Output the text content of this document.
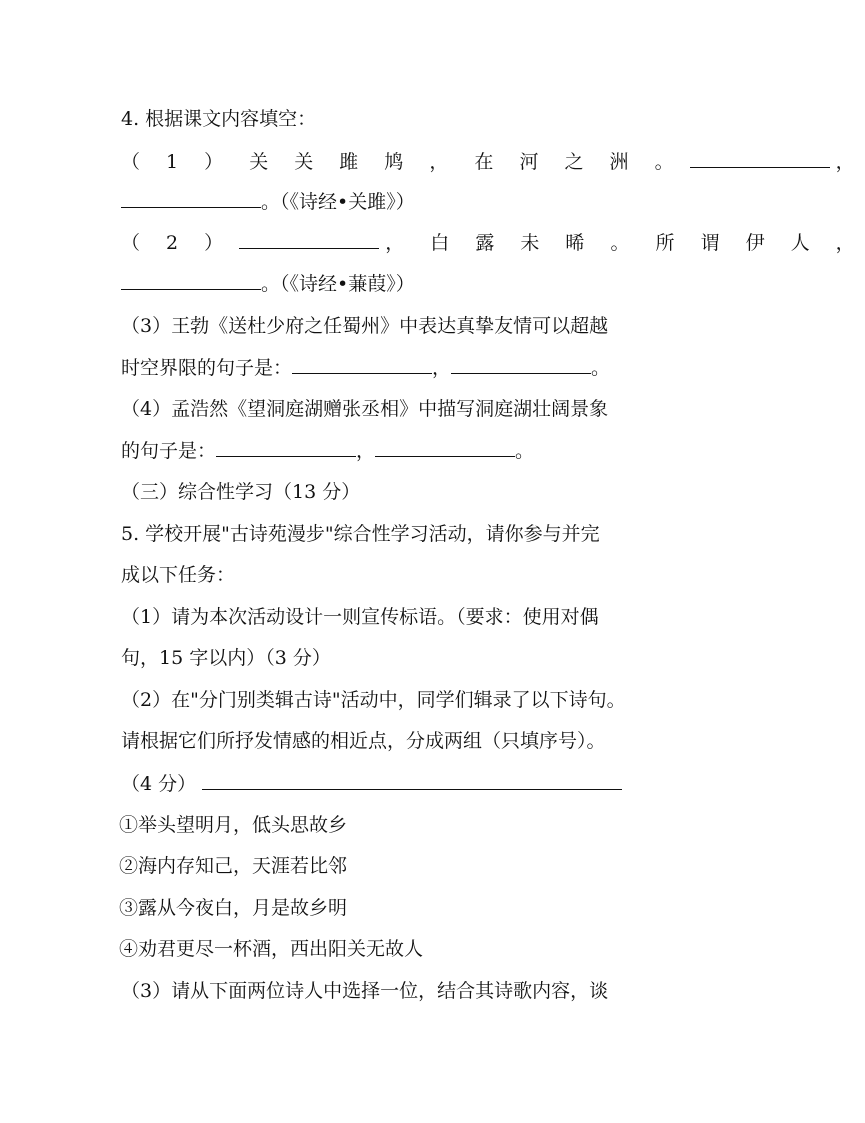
4. 根据课文内容填空：
（ 1 ） 关 关 雎 鸠 ， 在 河 之 洲 。	，
。（《诗经•关雎》）
（ 2 ）	， 白 露 未 晞 。 所 谓 伊 人 ，
。（《诗经•蒹葭》）
（3）王勃《送杜少府之任蜀州》中表达真挚友情可以超越
时空界限的句子是：	，	。
（4）孟浩然《望洞庭湖赠张丞相》中描写洞庭湖壮阔景象
的句子是：	，	。
（三）综合性学习（13 分）
5. 学校开展"古诗苑漫步"综合性学习活动，请你参与并完
成以下任务：
（1）请为本次活动设计一则宣传标语。（要求：使用对偶
句，15 字以内）（3 分）
（2）在"分门别类辑古诗"活动中，同学们辑录了以下诗句。
请根据它们所抒发情感的相近点，分成两组（只填序号）。
（4 分）
①举头望明月，低头思故乡
②海内存知己，天涯若比邻
③露从今夜白，月是故乡明
④劝君更尽一杯酒，西出阳关无故人
（3）请从下面两位诗人中选择一位，结合其诗歌内容，谈
